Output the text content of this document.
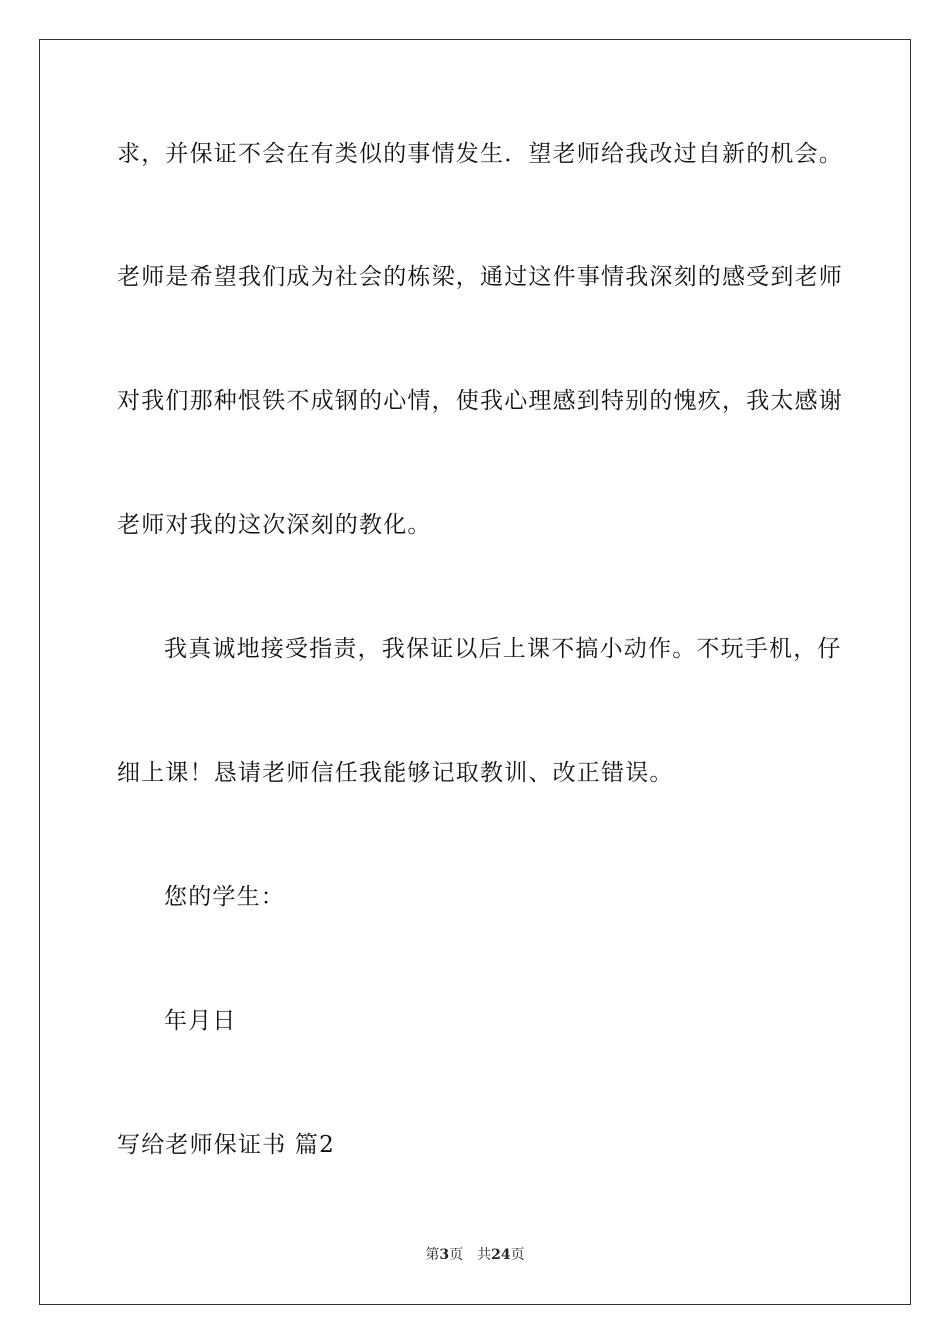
求，并保证不会在有类似的事情发生．望老师给我改过自新的机会。
老师是希望我们成为社会的栋梁，通过这件事情我深刻的感受到老师
对我们那种恨铁不成钢的心情，使我心理感到特别的愧疚，我太感谢
老师对我的这次深刻的教化。
我真诚地接受指责，我保证以后上课不搞小动作。不玩手机，仔
细上课！恳请老师信任我能够记取教训、改正错误。
您的学生：
年月日
写给老师保证书 篇2
第3页 共24页
